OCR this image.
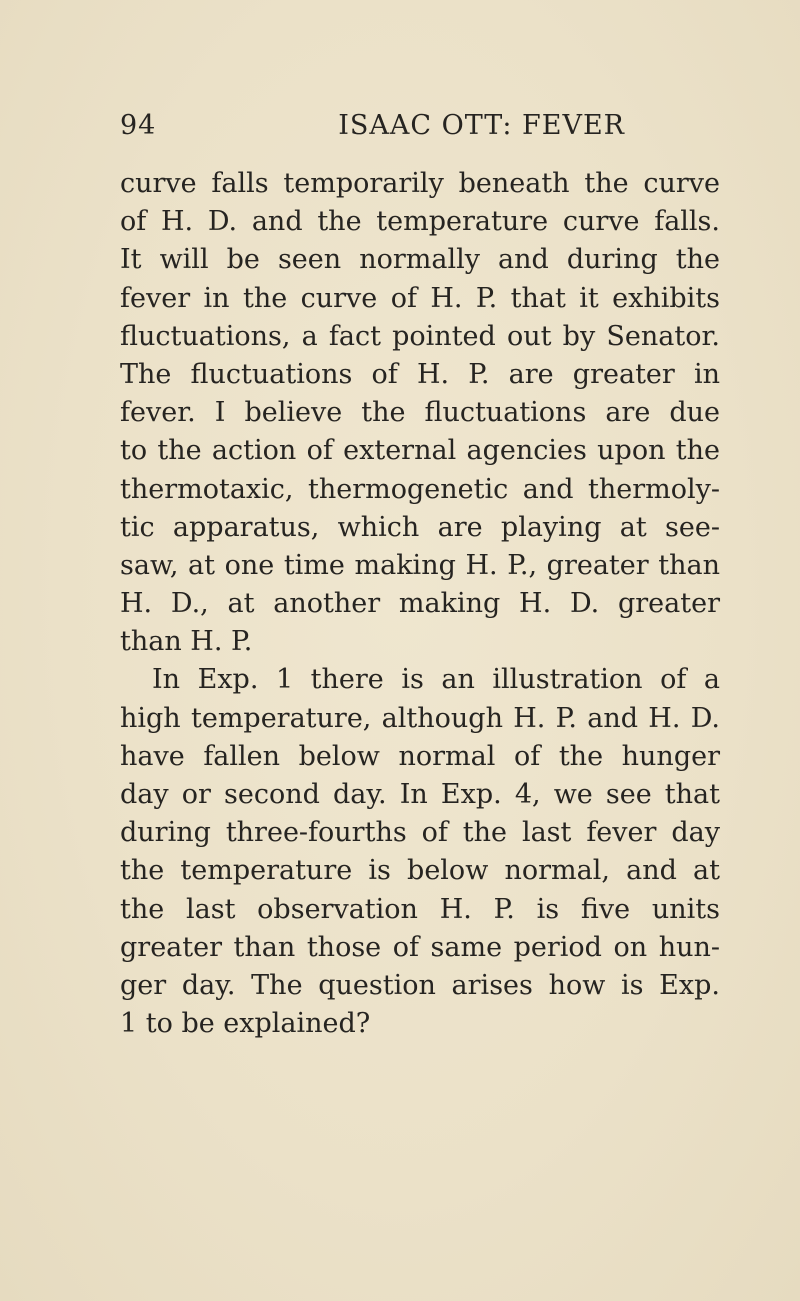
94	ISAAC OTT: FEVER
curve falls temporarily beneath the curve
of H. D. and the temperature curve falls.
It will be seen normally and during the
fever in the curve of H. P. that it exhibits
fluctuations, a fact pointed out by Senator.
The fluctuations of H. P. are greater in
fever. I believe the fluctuations are due
to the action of external agencies upon the
thermotaxic, thermogenetic and thermoly-
tic apparatus, which are playing at see-
saw, at one time making H. P., greater than
H. D., at another making H. D. greater
than H. P.
In Exp. 1 there is an illustration of a
high temperature, although H. P. and H. D.
have fallen below normal of the hunger
day or second day. In Exp. 4, we see that
during three-fourths of the last fever day
the temperature is below normal, and at
the last observation H. P. is five units
greater than those of same period on hun-
ger day. The question arises how is Exp.
1 to be explained?
